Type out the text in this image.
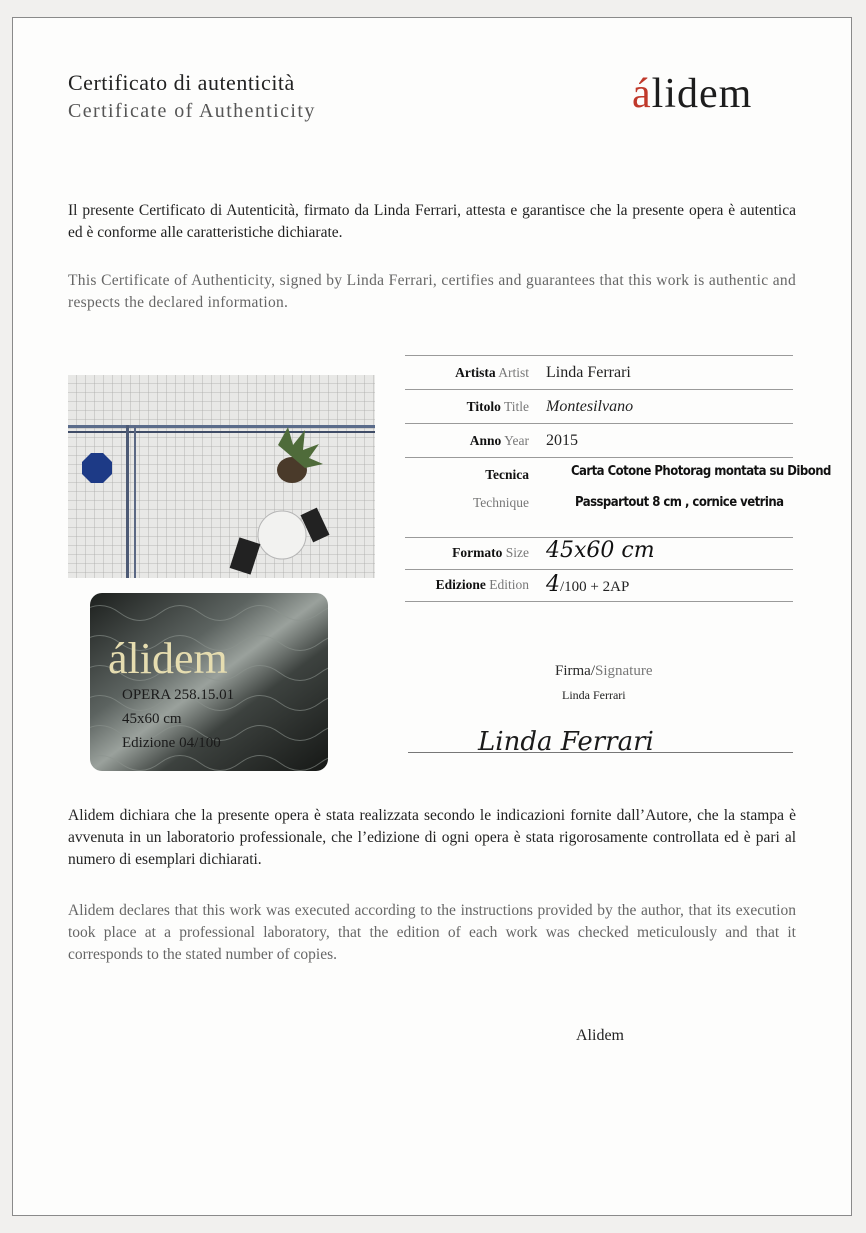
Certificato di autenticità
Certificate of Authenticity	álidem
Il presente Certificato di Autenticità, firmato da Linda Ferrari, attesta e garantisce che la presente opera è autentica ed è conforme alle caratteristiche dichiarate.
This Certificate of Authenticity, signed by Linda Ferrari, certifies and guarantees that this work is authentic and respects the declared information.
álidem
OPERA 258.15.01
45x60 cm
Edizione 04/100
Artista Artist Linda Ferrari
Titolo Title Montesilvano
Anno Year 2015
Tecnica
Technique
Carta Cotone Photorag montata su Dibond
Passpartout 8 cm , cornice vetrina
Formato Size 45x60 cm
Edizione Edition 4/100 + 2AP
Firma/Signature
Linda Ferrari
Linda Ferrari
Alidem dichiara che la presente opera è stata realizzata secondo le indicazioni fornite dall’Autore, che la stampa è avvenuta in un laboratorio professionale, che l’edizione di ogni opera è stata rigorosamente controllata ed è pari al numero di esemplari dichiarati.
Alidem declares that this work was executed according to the instructions provided by the author, that its execution took place at a professional laboratory, that the edition of each work was checked meticulously and that it corresponds to the stated number of copies.
Alidem
